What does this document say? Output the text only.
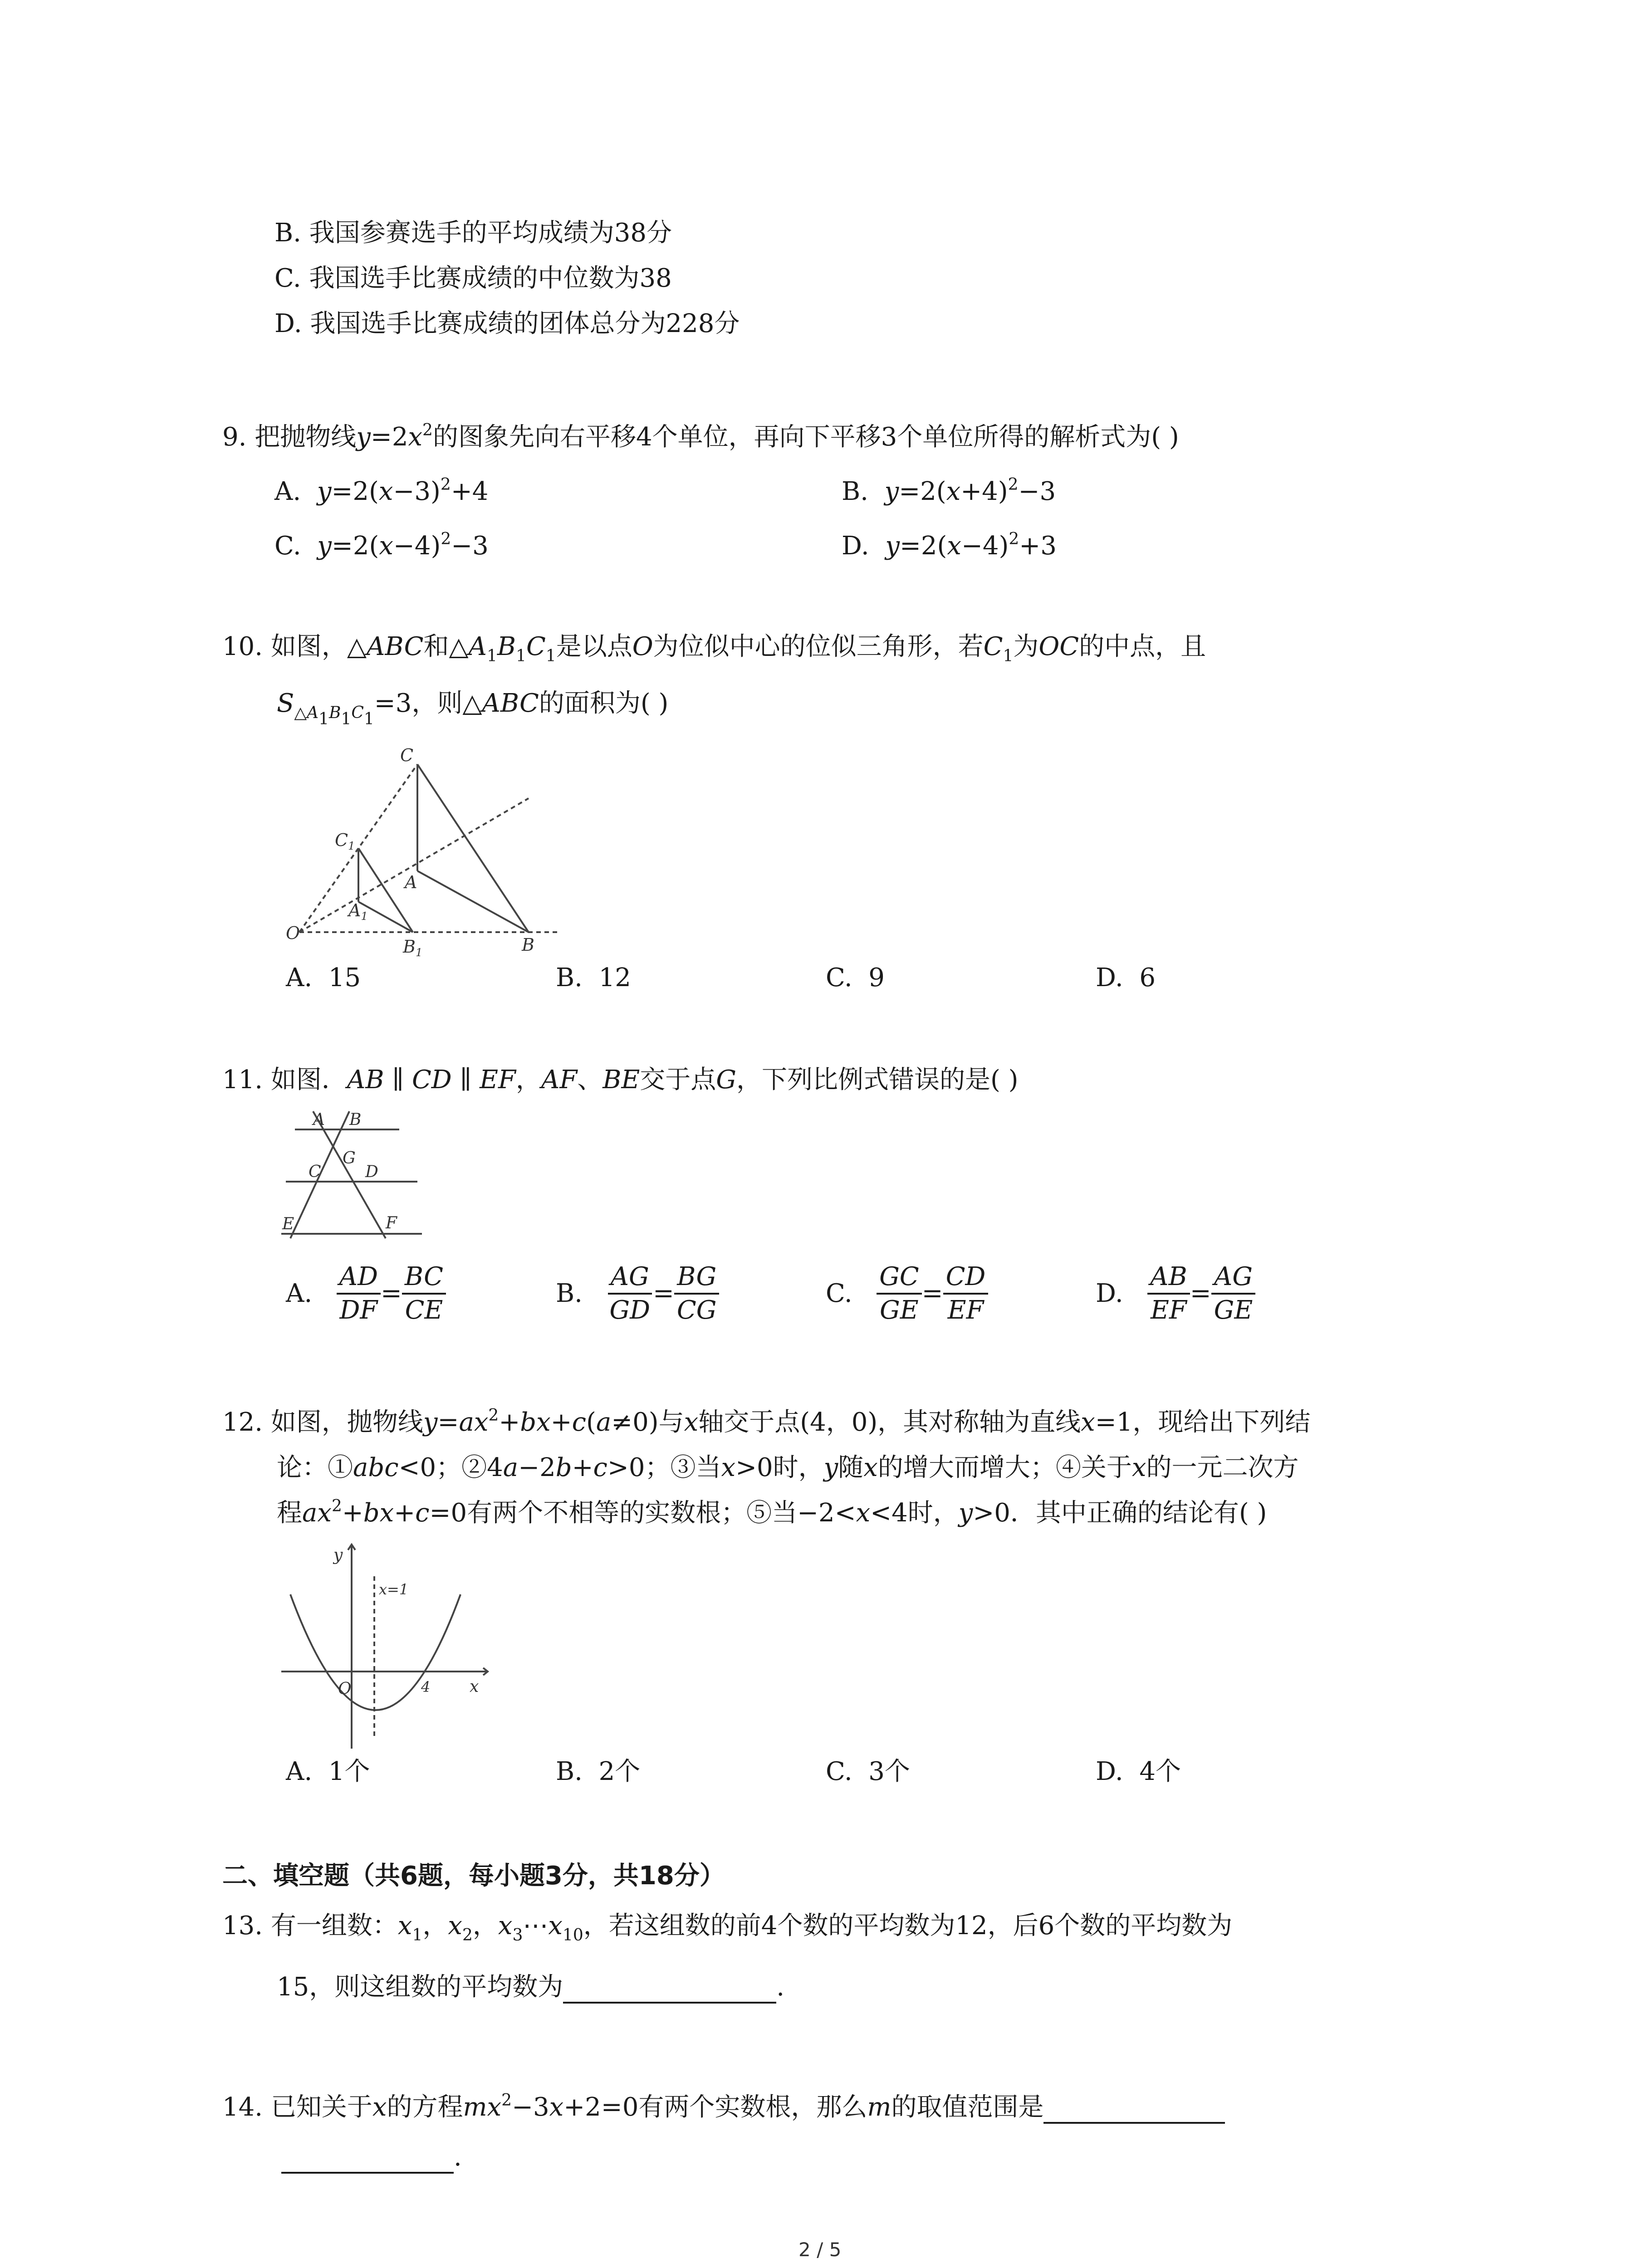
B. 我国参赛选手的平均成绩为38分
C. 我国选手比赛成绩的中位数为38
D. 我国选手比赛成绩的团体总分为228分
9. 把抛物线$y=2x^2$的图象先向右平移4个单位，再向下平移3个单位所得的解析式为( )
A. $y=2(x-3)^2+4$	B. $y=2(x+4)^2-3$
C. $y=2(x-4)^2-3$	D. $y=2(x-4)^2+3$
10. 如图，△ABC和$\triangle A_1B_1C_1$是以点O为位似中心的位似三角形，若$C_1$为OC的中点，且
$S_{\triangle A_1B_1C_1}=3$，则△ABC的面积为( )
C
$C_1$
A
$A_1$
O
$B_1$	B
A. 15	B. 12	C. 9	D. 6
11. 如图．AB ∥ CD ∥ EF，AF、BE交于点G，下列比例式错误的是( )
A B
G
C	D
E	F
A.
$\frac{AD}{DF} = \frac{BC}{CE}$	B.
$\frac{AG}{GD} = \frac{BG}{CG}$	C.
$\frac{GC}{GE} = \frac{CD}{EF}$	D.
$\frac{AB}{EF} = \frac{AG}{GE}$
12. 如图，抛物线$y=ax^2+bx+c(a\ne 0)$与x轴交于点(4，0)，其对称轴为直线x=1，现给出下列结
论：①abc<0；②4a−2b+c>0；③当x>0时，y随x的增大而增大；④关于x的一元二次方
程$ax^2+bx+c=0$有两个不相等的实数根；⑤当−2<x<4时，y>0．其中正确的结论有( )
y
x=1
O	4 x
A. 1个	B. 2个	C. 3个	D. 4个
二、填空题（共6题，每小题3分，共18分）
13. 有一组数：$x_1$，$x_2$，$x_3\cdots x_{10}$，若这组数的前4个数的平均数为12，后6个数的平均数为
15，则这组数的平均数为	.
14. 已知关于x的方程$mx^2-3x+2=0$有两个实数根，那么m的取值范围是
.
2 / 5
